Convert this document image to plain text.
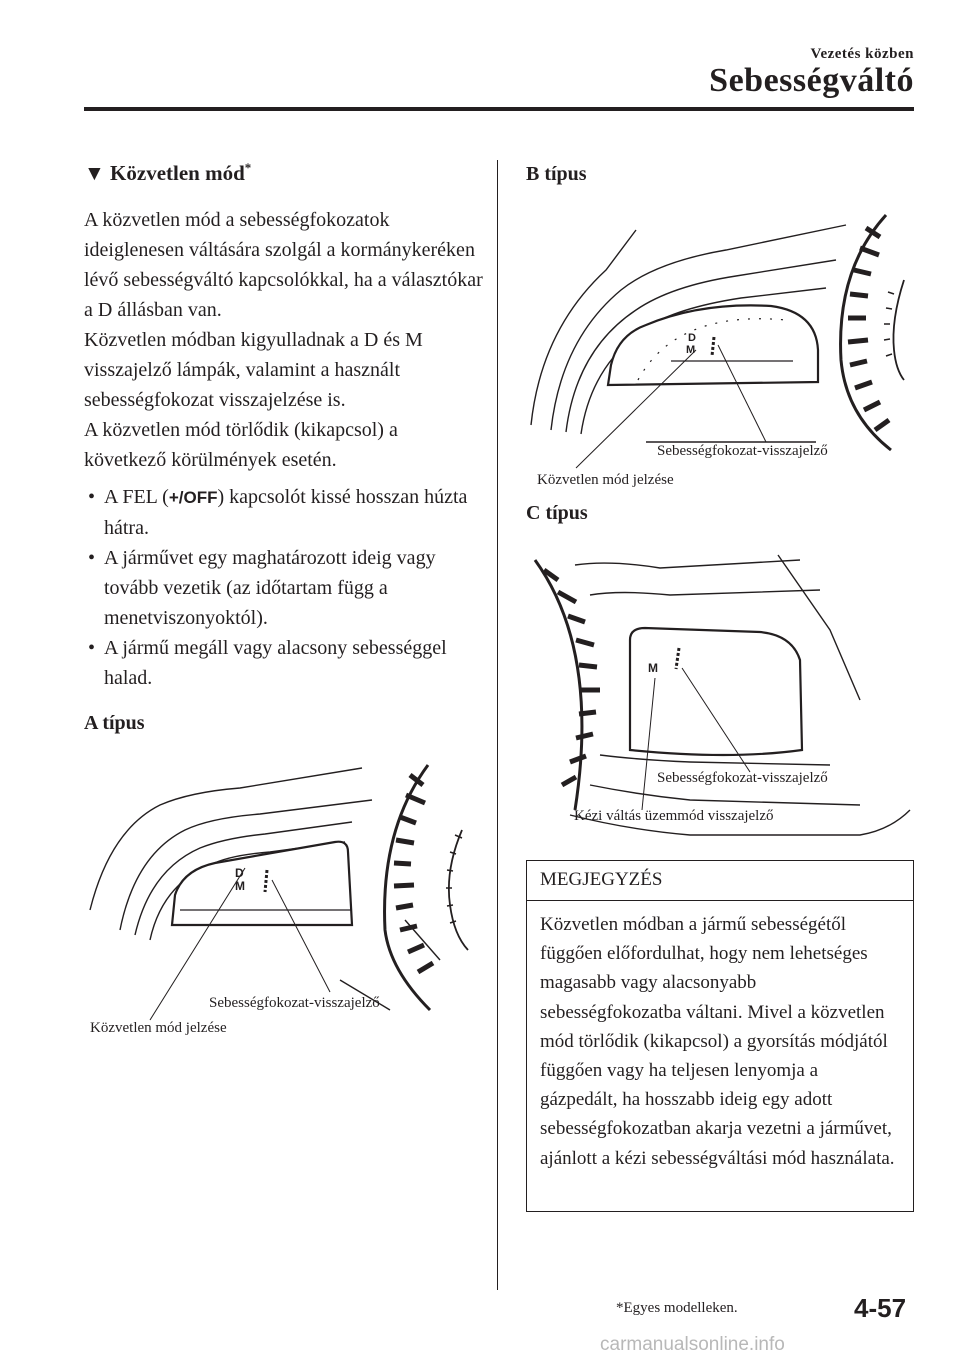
Vezetés közben
Sebességváltó
▼ Közvetlen mód*

A közvetlen mód a sebességfokozatok ideiglenesen váltására szolgál a kormánykeréken lévő sebességváltó kapcsolókkal, ha a választókar a D állásban van.

Közvetlen módban kigyulladnak a D és M visszajelző lámpák, valamint a használt sebességfokozat visszajelzése is.

A közvetlen mód törlődik (kikapcsol) a következő körülmények esetén.

• A FEL (+/OFF) kapcsolót kissé hosszan húzta hátra.
• A járművet egy maghatározott ideig vagy tovább vezetik (az időtartam függ a menetviszonyoktól).
• A jármű megáll vagy alacsony sebességgel halad.
A típus
D
M
Sebességfokozat-visszajelző
Közvetlen mód jelzése
B típus
D
M
Sebességfokozat-visszajelző
Közvetlen mód jelzése
C típus
M
Sebességfokozat-visszajelző
Kézi váltás üzemmód visszajelző
MEGJEGYZÉS
Közvetlen módban a jármű sebességétől függően előfordulhat, hogy nem lehetséges magasabb vagy alacsonyabb sebességfokozatba váltani. Mivel a közvetlen mód törlődik (kikapcsol) a gyorsítás módjától függően vagy ha teljesen lenyomja a gázpedált, ha hosszabb ideig egy adott sebességfokozatban akarja vezetni a járművet, ajánlott a kézi sebességváltási mód használata.
*Egyes modelleken.	4-57
carmanualsonline.info
